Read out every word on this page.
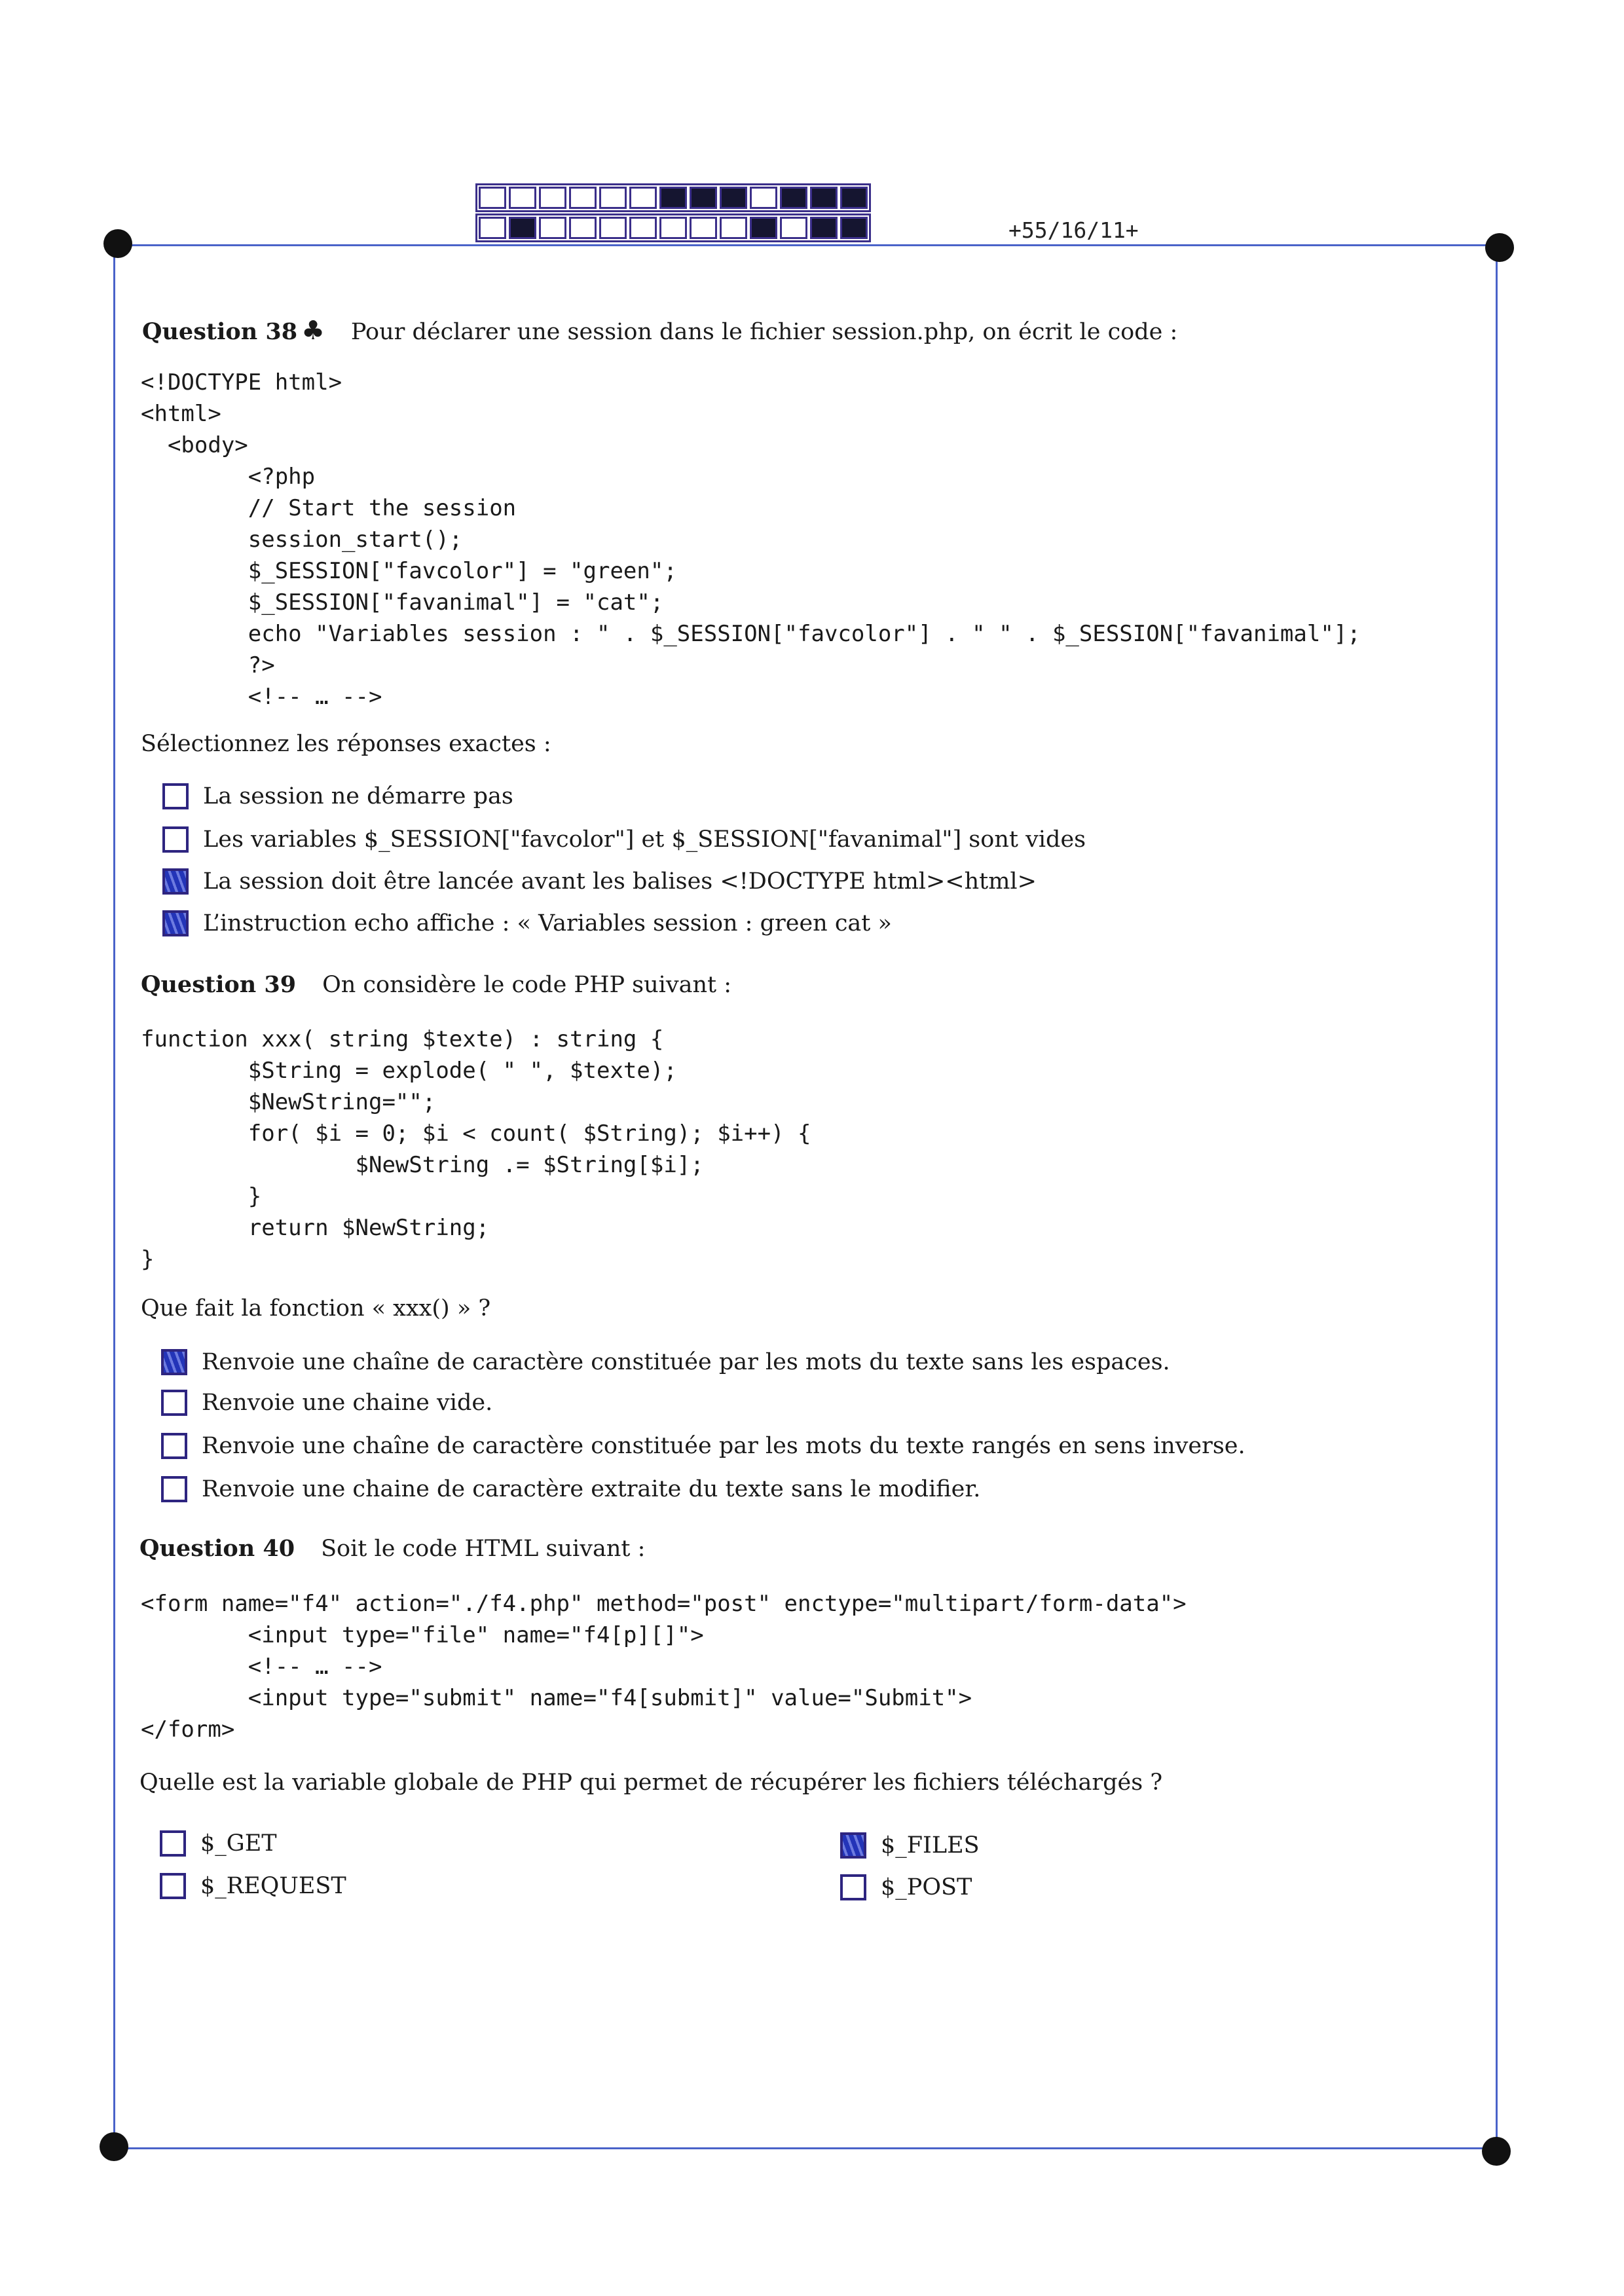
+55/16/11+
Question 38 ♣ Pour déclarer une session dans le fichier session.php, on écrit le code :
<!DOCTYPE html>
<html>
<body>
<?php
// Start the session
session_start();
$_SESSION["favcolor"] = "green";
$_SESSION["favanimal"] = "cat";
echo "Variables session : " . $_SESSION["favcolor"] . " " . $_SESSION["favanimal"];
?>
<!-- … -->
Sélectionnez les réponses exactes :
La session ne démarre pas
Les variables $_SESSION["favcolor"] et $_SESSION["favanimal"] sont vides
La session doit être lancée avant les balises <!DOCTYPE html><html>
L’instruction echo affiche : « Variables session : green cat »
Question 39 On considère le code PHP suivant :
function xxx( string $texte) : string {
$String = explode( " ", $texte);
$NewString="";
for( $i = 0; $i < count( $String); $i++) {
$NewString .= $String[$i];
}
return $NewString;
}
Que fait la fonction « xxx() » ?
Renvoie une chaîne de caractère constituée par les mots du texte sans les espaces.
Renvoie une chaine vide.
Renvoie une chaîne de caractère constituée par les mots du texte rangés en sens inverse.
Renvoie une chaine de caractère extraite du texte sans le modifier.
Question 40 Soit le code HTML suivant :
<form name="f4" action="./f4.php" method="post" enctype="multipart/form-data">
<input type="file" name="f4[p][]">
<!-- … -->
<input type="submit" name="f4[submit]" value="Submit">
</form>
Quelle est la variable globale de PHP qui permet de récupérer les fichiers téléchargés ?
$_GET	$_FILES
$_REQUEST	$_POST
